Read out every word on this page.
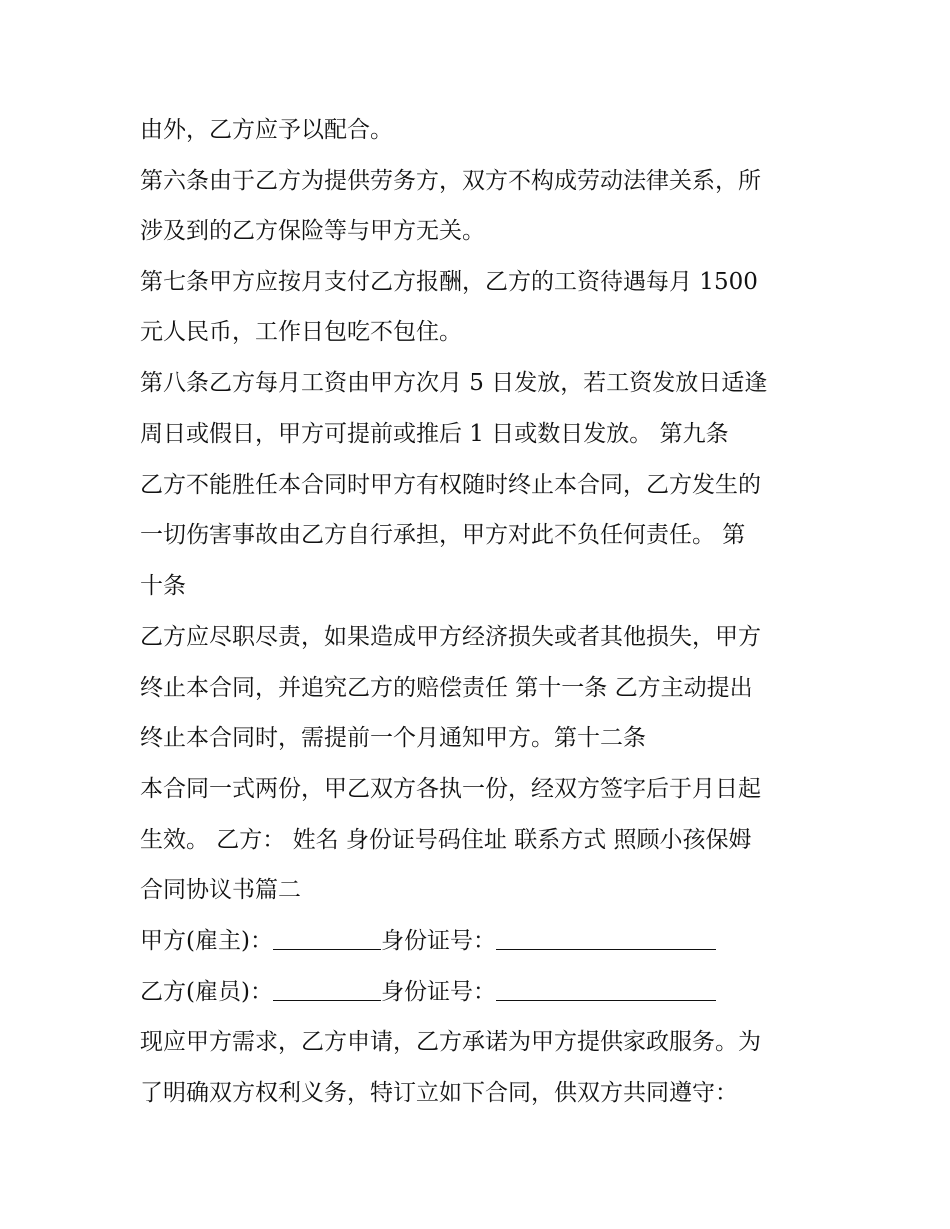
由外，乙方应予以配合。
第六条由于乙方为提供劳务方，双方不构成劳动法律关系，所
涉及到的乙方保险等与甲方无关。
第七条甲方应按月支付乙方报酬，乙方的工资待遇每月 1500
元人民币，工作日包吃不包住。
第八条乙方每月工资由甲方次月 5 日发放，若工资发放日适逢
周日或假日，甲方可提前或推后 1 日或数日发放。 第九条
乙方不能胜任本合同时甲方有权随时终止本合同，乙方发生的
一切伤害事故由乙方自行承担，甲方对此不负任何责任。 第
十条
乙方应尽职尽责，如果造成甲方经济损失或者其他损失，甲方
终止本合同，并追究乙方的赔偿责任 第十一条 乙方主动提出
终止本合同时，需提前一个月通知甲方。第十二条
本合同一式两份，甲乙双方各执一份，经双方签字后于月日起
生效。 乙方： 姓名 身份证号码住址 联系方式 照顾小孩保姆
合同协议书篇二
甲方(雇主)：	身份证号：
乙方(雇员)：	身份证号：
现应甲方需求，乙方申请，乙方承诺为甲方提供家政服务。为
了明确双方权利义务，特订立如下合同，供双方共同遵守：
